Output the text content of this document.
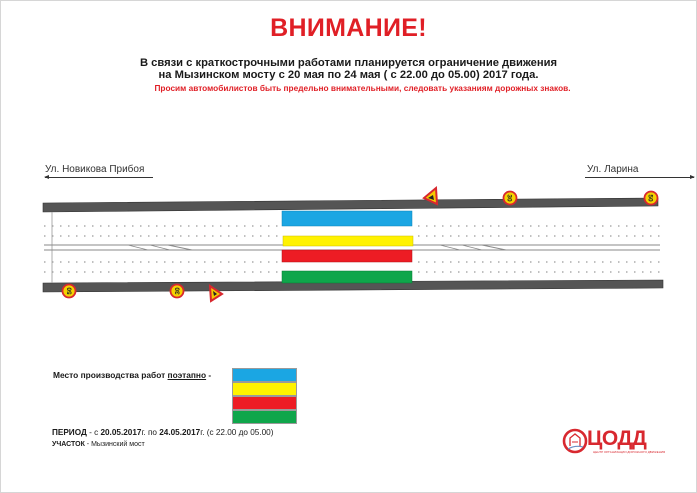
ВНИМАНИЕ!
В связи с краткострочными работами планируется ограничение движения
на Мызинском мосту с 20 мая по 24 мая ( с 22.00 до 05.00) 2017 года.
Просим автомобилистов быть предельно внимательными, следовать указаниям дорожных знаков.
Ул. Новикова Прибоя	Ул. Ларина
30	50
50	30
Место производства работ поэтапно -
ПЕРИОД - с 20.05.2017г. по 24.05.2017г. (с 22.00 до 05.00)
УЧАСТОК - Мызинский мост	ЦОДД
ЦЕНТР ОРГАНИЗАЦИИ ДОРОЖНОГО ДВИЖЕНИЯ
